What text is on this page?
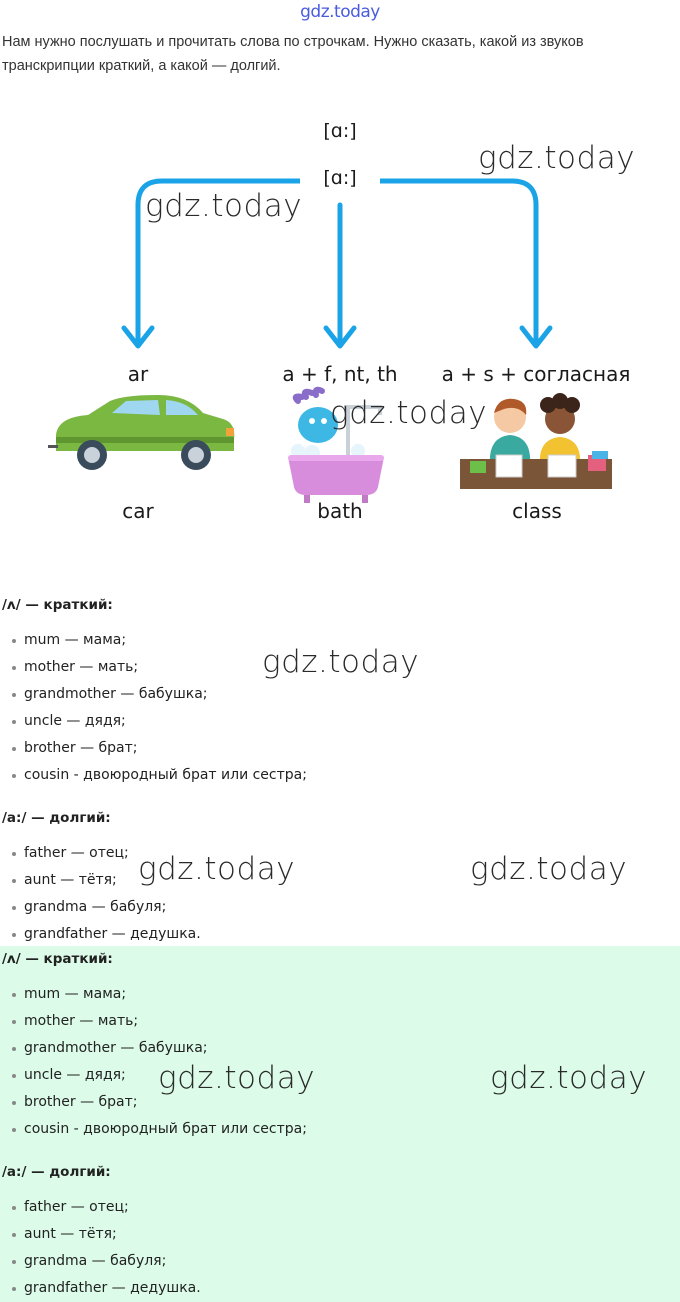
gdz.today
Нам нужно послушать и прочитать слова по строчкам. Нужно сказать, какой из звуков транскрипции краткий, а какой — долгий.
[ɑ:]
[ɑ:]
ar	a + f, nt, th	a + s + согласная
car	bath	class
/ʌ/ — краткий:
mum — мама;
mother — мать;
grandmother — бабушка;
uncle — дядя;
brother — брат;
cousin - двоюродный брат или сестра;
/a:/ — долгий:
father — отец;
aunt — тётя;
grandma — бабуля;
grandfather — дедушка.
/ʌ/ — краткий:
mum — мама;
mother — мать;
grandmother — бабушка;
uncle — дядя;
brother — брат;
cousin - двоюродный брат или сестра;
/a:/ — долгий:
father — отец;
aunt — тётя;
grandma — бабуля;
grandfather — дедушка.
gdz.today
gdz.today
gdz.today
gdz.today
gdz.today	gdz.today
gdz.today	gdz.today
